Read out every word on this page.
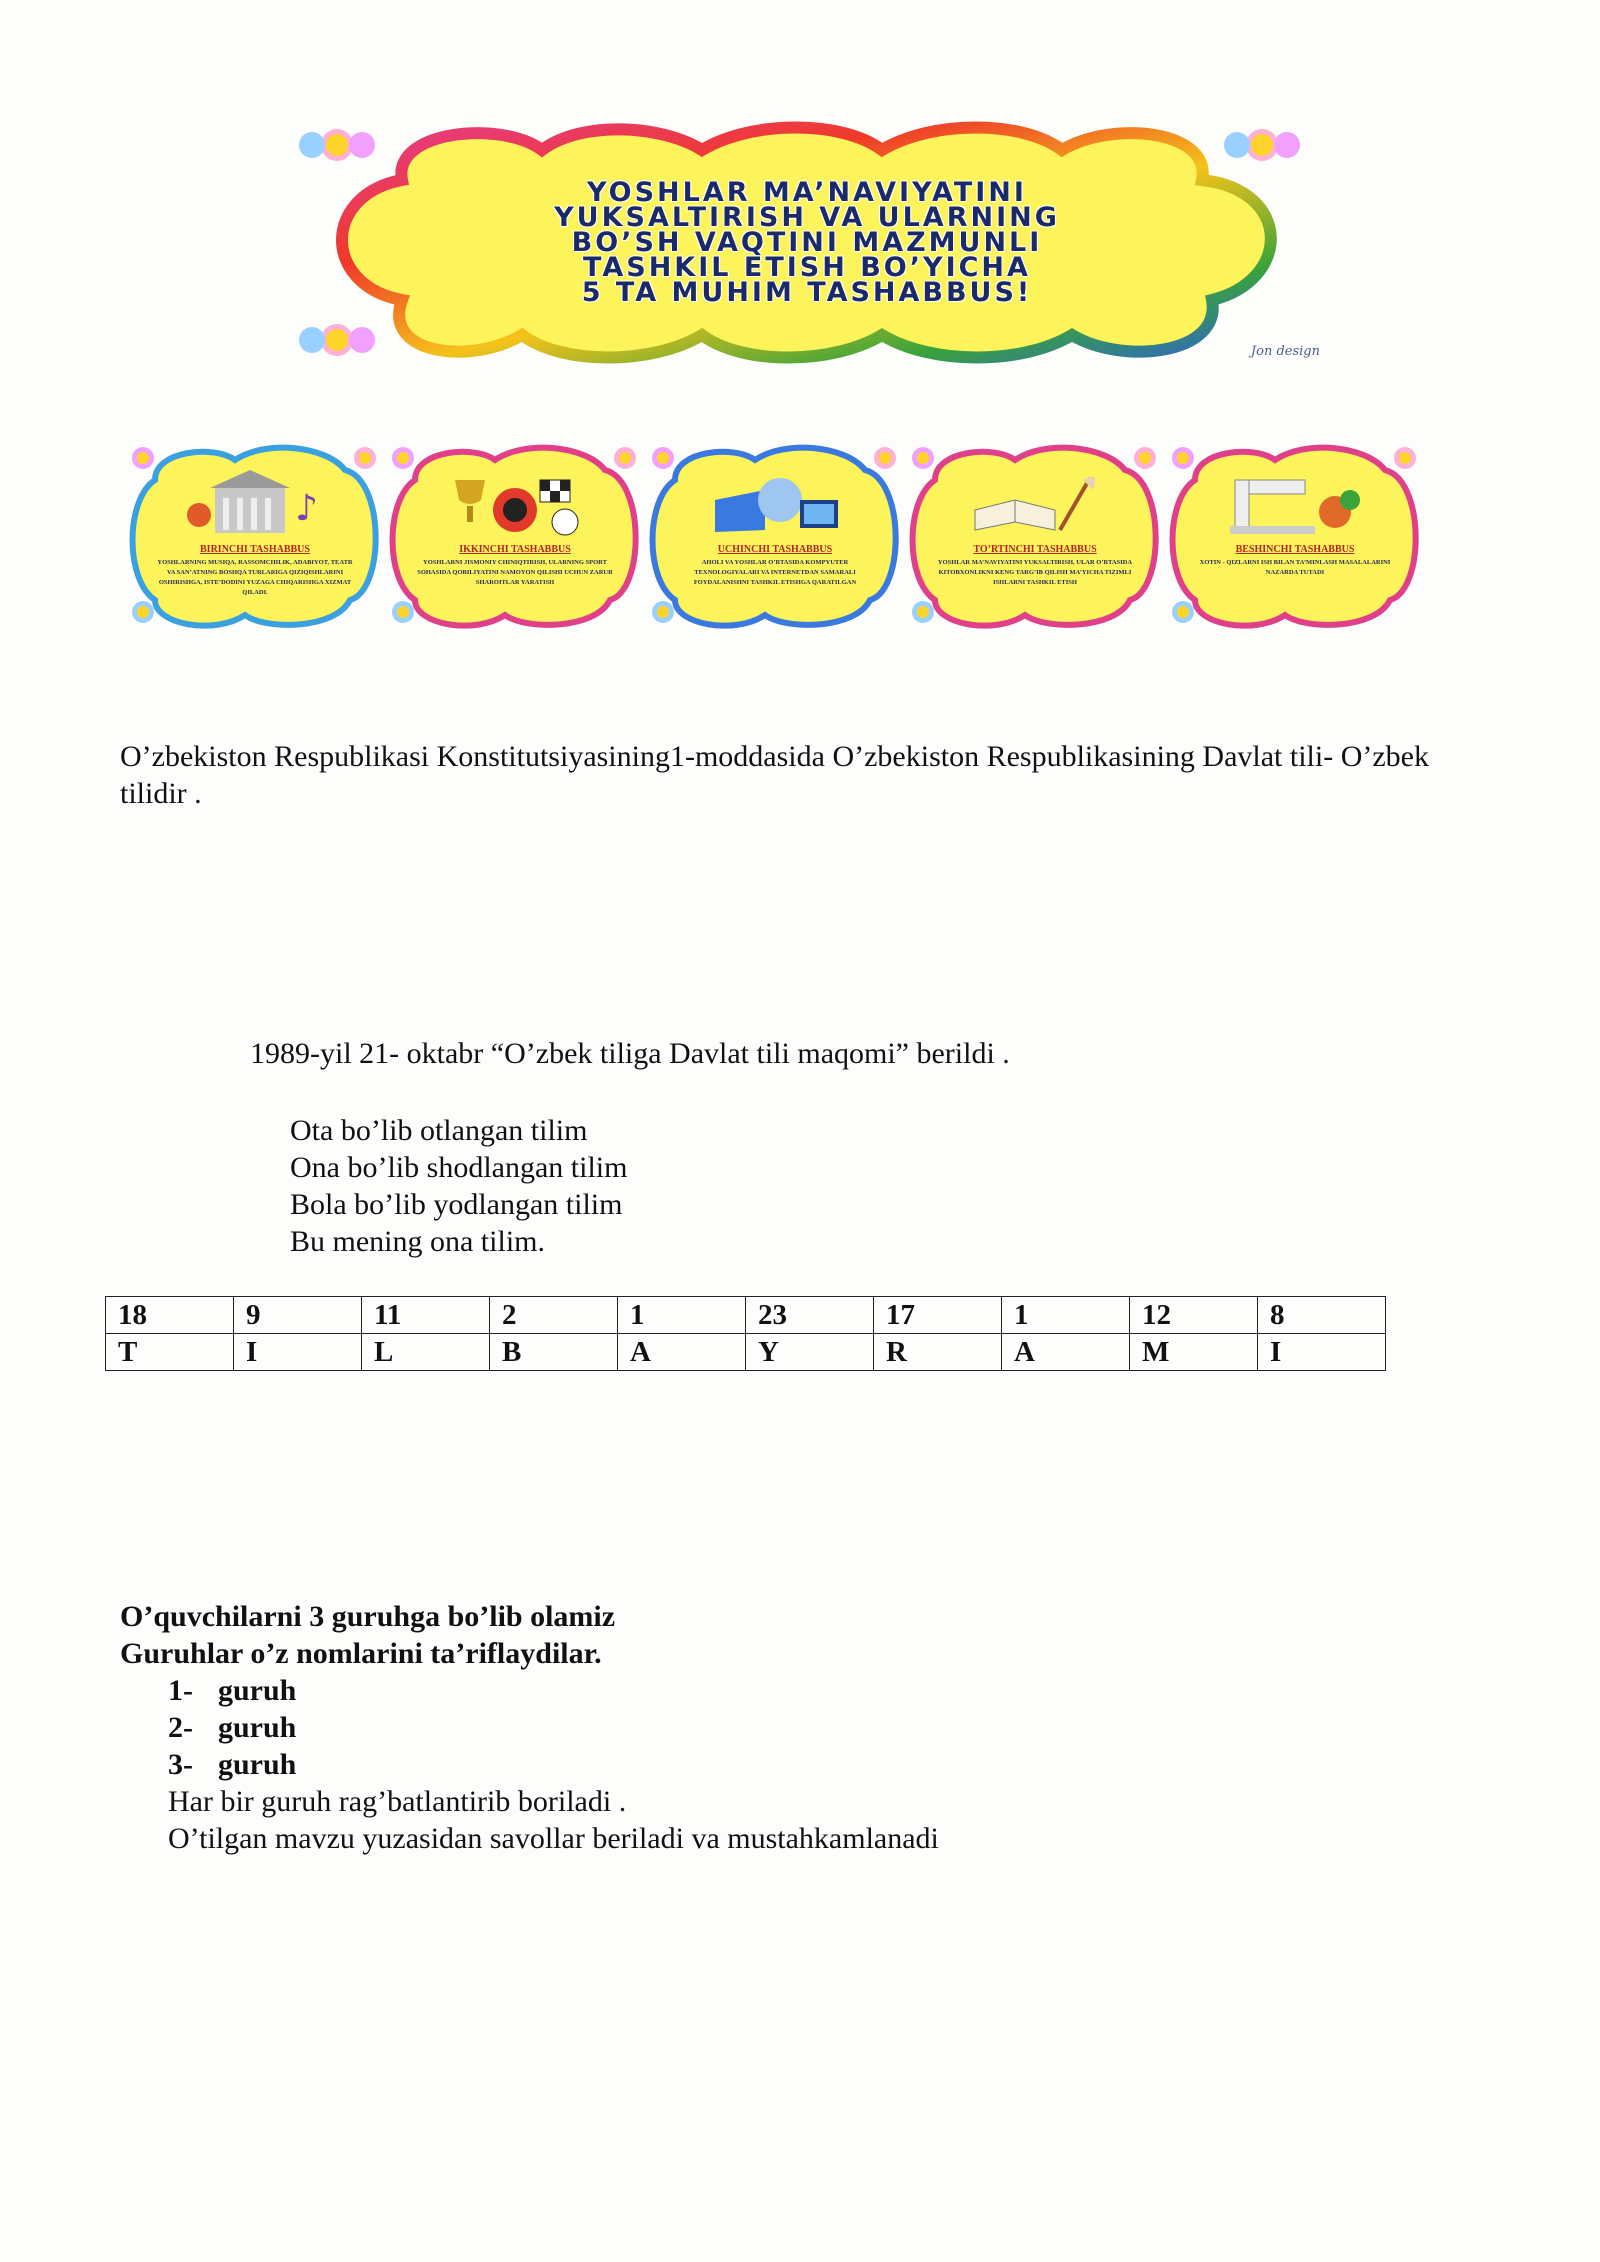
YOSHLAR MA’NAVIYATINI
YUKSALTIRISH VA ULARNING
BO’SH VAQTINI MAZMUNLI
TASHKIL ETISH BO’YICHA
5 TA MUHIM TASHABBUS!
Jon design
♪
BIRINCHI TASHABBUS
YOSHLARNING MUSIQA, RASSOMCHILIK, ADABIYOT, TEATR VA SAN’ATNING BOSHQA TURLARIGA QIZIQISHLARINI OSHIRISHGA, ISTE’DODINI YUZAGA CHIQARISHGA XIZMAT QILADI.
IKKINCHI TASHABBUS
YOSHLARNI JISMONIY CHINIQTIRISH, ULARNING SPORT SOHASIDA QOBILIYATINI NAMOYON QILISHI UCHUN ZARUR SHAROITLAR YARATISH
UCHINCHI TASHABBUS
AHOLI VA YOSHLAR O’RTASIDA KOMPYUTER TEXNOLOGIYALARI VA INTERNETDAN SAMARALI FOYDALANISHNI TASHKIL ETISHGA QARATILGAN
TO’RTINCHI TASHABBUS
YOSHLAR MA’NAVIYATINI YUKSALTIRISH, ULAR O’RTASIDA KITOBXONLIKNI KENG TARG’IB QILISH MA’YICHA TIZIMLI ISHLARNI TASHKIL ETISH
BESHINCHI TASHABBUS
XOTIN - QIZLARNI ISH BILAN TA’MINLASH MASALALARINI NAZARDA TUTADI
O’zbekiston Respublikasi Konstitutsiyasining1-moddasida O’zbekiston Respublikasining Davlat tili- O’zbek tilidir .
1989-yil 21- oktabr “O’zbek tiliga Davlat tili maqomi” berildi .
Ota bo’lib otlangan tilim
Ona bo’lib shodlangan tilim
Bola bo’lib yodlangan tilim
Bu mening ona tilim.
18	9	11	2	1	23	17	1	12	8
T	I	L	B	A	Y	R	A	M	I
O’quvchilarni 3 guruhga bo’lib olamiz
Guruhlar o’z nomlarini ta’riflaydilar.
1- guruh
2- guruh
3- guruh
Har bir guruh rag’batlantirib boriladi .
O’tilgan mavzu yuzasidan savollar beriladi va mustahkamlanadi
